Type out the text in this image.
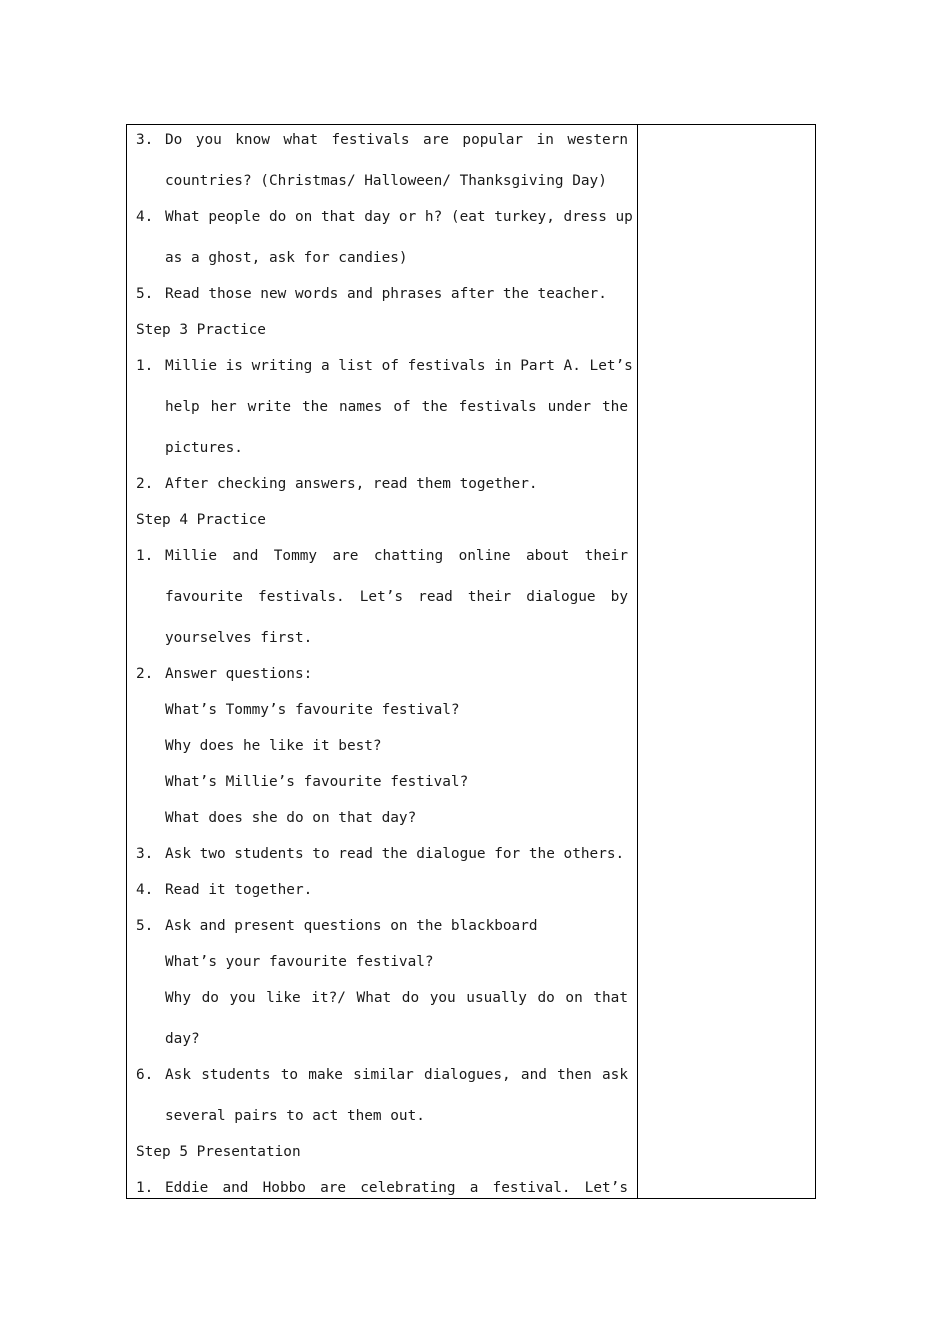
3. Do you know what festivals are popular in western
countries? (Christmas/ Halloween/ Thanksgiving Day)
4. What people do on that day or h? (eat turkey, dress up
as a ghost, ask for candies)
5. Read those new words and phrases after the teacher.
Step 3 Practice
1. Millie is writing a list of festivals in Part A. Let’s
help her write the names of the festivals under the
pictures.
2. After checking answers, read them together.
Step 4 Practice
1. Millie and Tommy are chatting online about their
favourite festivals. Let’s read their dialogue by
yourselves first.
2. Answer questions:
What’s Tommy’s favourite festival?
Why does he like it best?
What’s Millie’s favourite festival?
What does she do on that day?
3. Ask two students to read the dialogue for the others.
4. Read it together.
5. Ask and present questions on the blackboard
What’s your favourite festival?
Why do you like it?/ What do you usually do on that
day?
6. Ask students to make similar dialogues, and then ask
several pairs to act them out.
Step 5 Presentation
1. Eddie and Hobbo are celebrating a festival. Let’s
